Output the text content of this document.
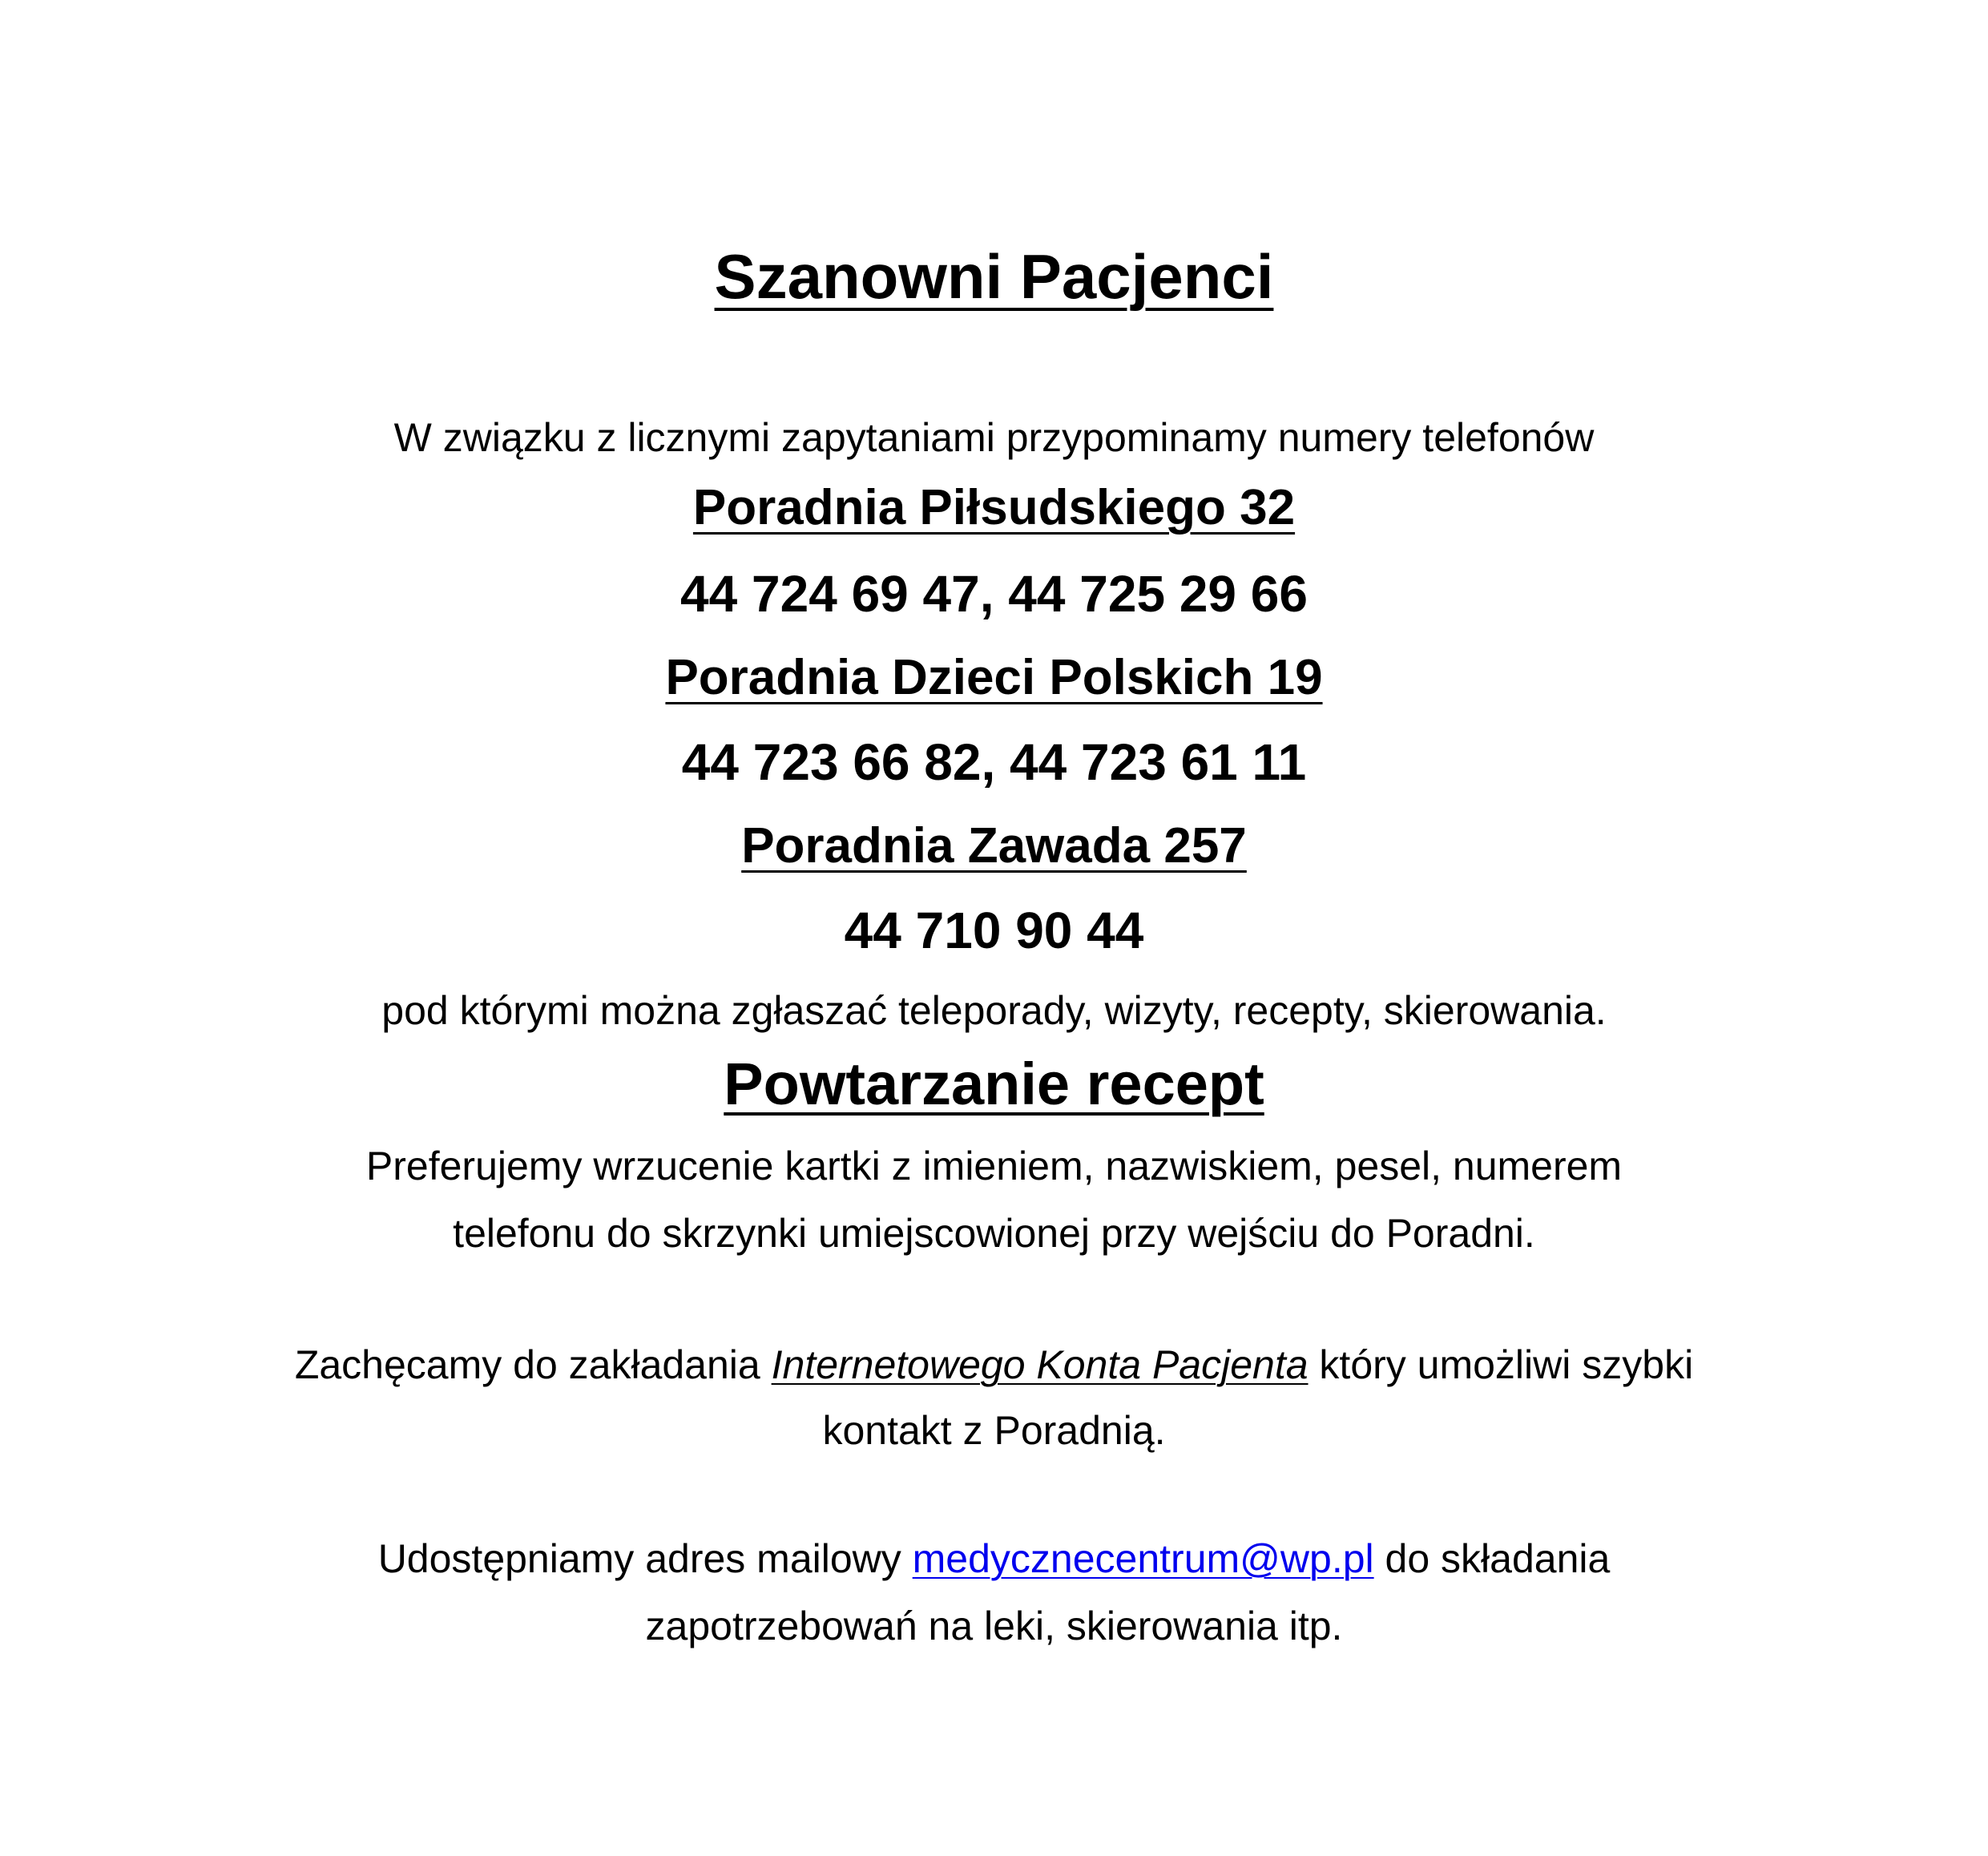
Szanowni Pacjenci

W związku z licznymi zapytaniami przypominamy numery telefonów

Poradnia Piłsudskiego 32

44 724 69 47, 44 725 29 66

Poradnia Dzieci Polskich 19

44 723 66 82, 44 723 61 11

Poradnia Zawada 257

44 710 90 44

pod którymi można zgłaszać teleporady, wizyty, recepty, skierowania.

Powtarzanie recept

Preferujemy wrzucenie kartki z imieniem, nazwiskiem, pesel, numerem

telefonu do skrzynki umiejscowionej przy wejściu do Poradni.

Zachęcamy do zakładania Internetowego Konta Pacjenta który umożliwi szybki

kontakt z Poradnią.

Udostępniamy adres mailowy medycznecentrum@wp.pl do składania

zapotrzebowań na leki, skierowania itp.
